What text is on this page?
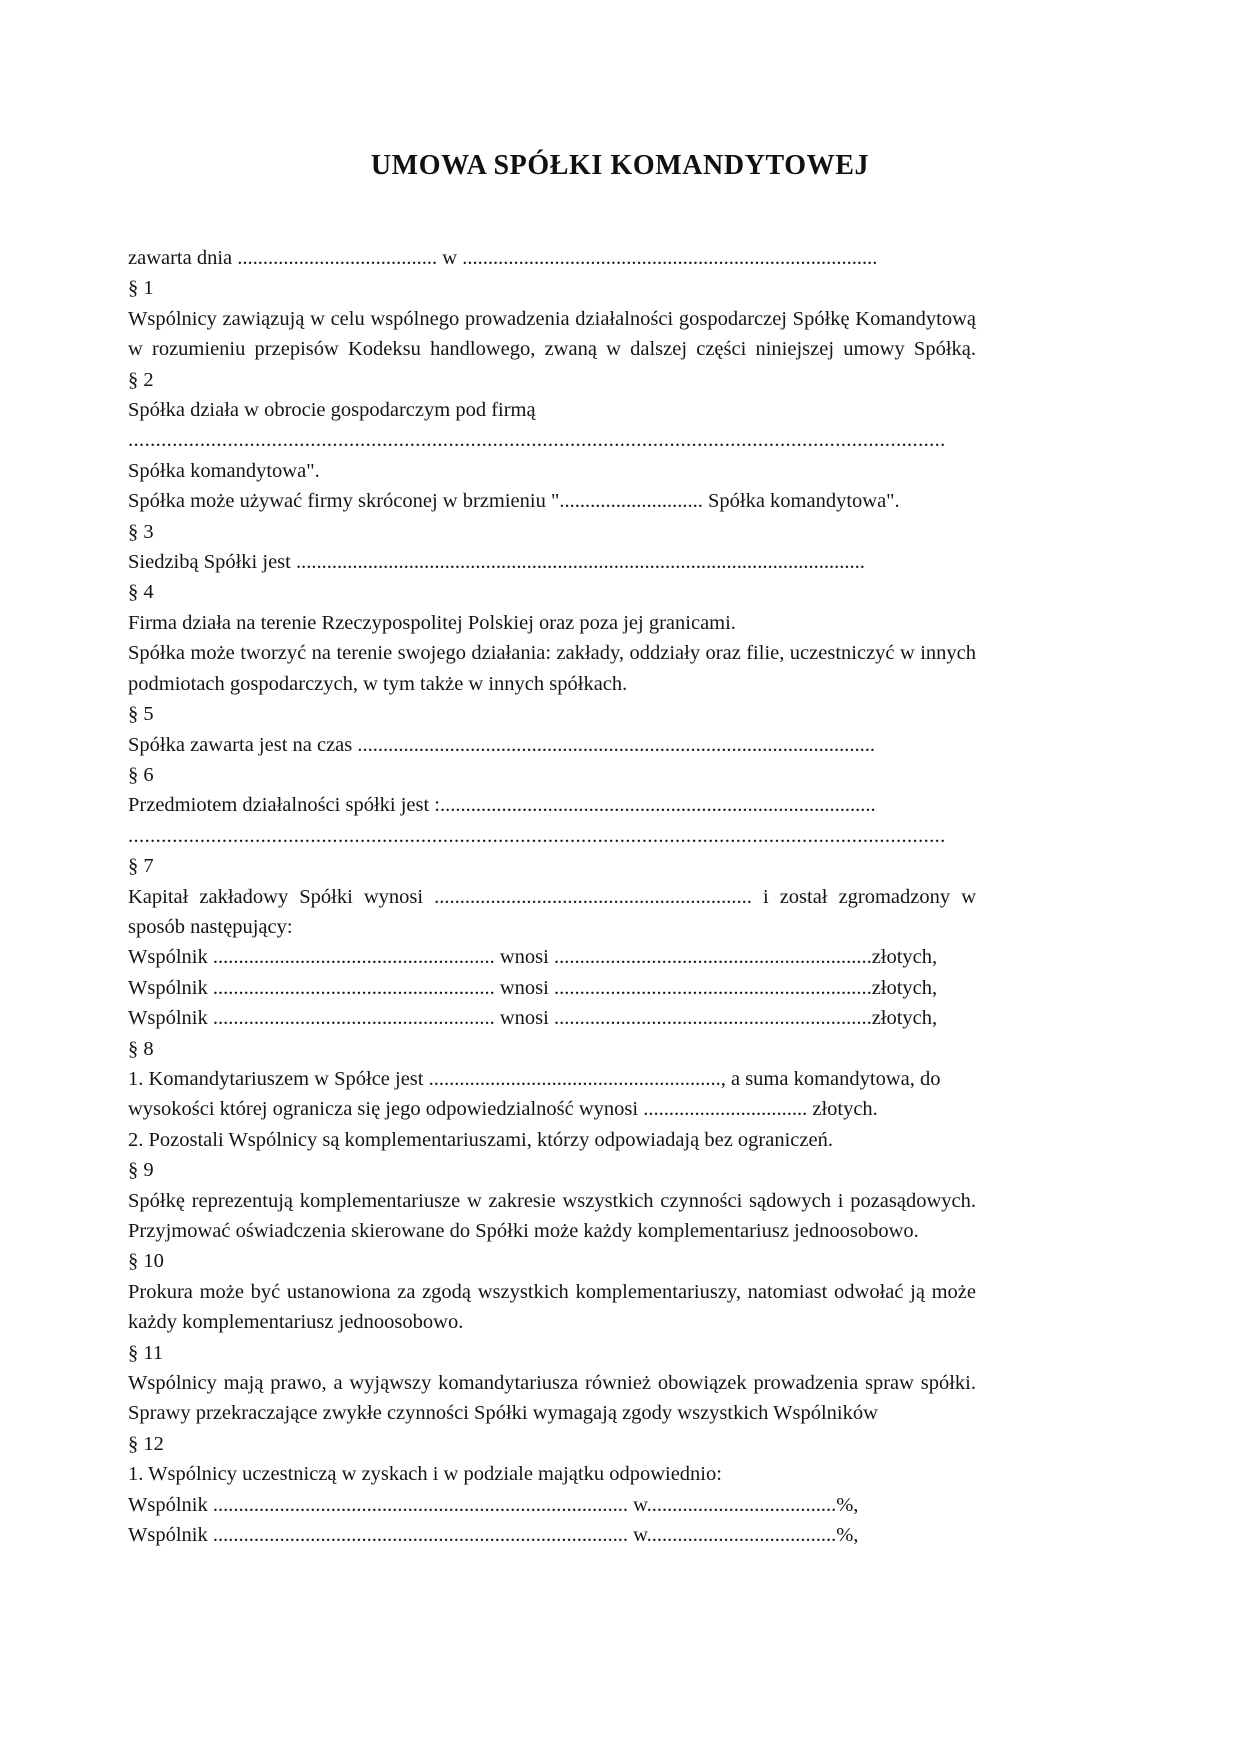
UMOWA SPÓŁKI KOMANDYTOWEJ
zawarta dnia ....................................... w .................................................................................
§ 1
Wspólnicy zawiązują w celu wspólnego prowadzenia działalności gospodarczej Spółkę Komandytową w rozumieniu przepisów Kodeksu handlowego, zwaną w dalszej części niniejszej umowy Spółką.
§ 2
Spółka działa w obrocie gospodarczym pod firmą
....................................................................................................................................................
Spółka komandytowa".
Spółka może używać firmy skróconej w brzmieniu "............................ Spółka komandytowa".
§ 3
Siedzibą Spółki jest ...............................................................................................................
§ 4
Firma działa na terenie Rzeczypospolitej Polskiej oraz poza jej granicami.
Spółka może tworzyć na terenie swojego działania: zakłady, oddziały oraz filie, uczestniczyć w innych podmiotach gospodarczych, w tym także w innych spółkach.
§ 5
Spółka zawarta jest na czas .....................................................................................................
§ 6
Przedmiotem działalności spółki jest :.....................................................................................
....................................................................................................................................................
§ 7
Kapitał zakładowy Spółki wynosi .............................................................. i został zgromadzony w sposób następujący:
Wspólnik ....................................................... wnosi ..............................................................złotych,
Wspólnik ....................................................... wnosi ..............................................................złotych,
Wspólnik ....................................................... wnosi ..............................................................złotych,
§ 8
1. Komandytariuszem w Spółce jest ........................................................., a suma komandytowa, do wysokości której ogranicza się jego odpowiedzialność wynosi ................................ złotych.
2. Pozostali Wspólnicy są komplementariuszami, którzy odpowiadają bez ograniczeń.
§ 9
Spółkę reprezentują komplementariusze w zakresie wszystkich czynności sądowych i pozasądowych. Przyjmować oświadczenia skierowane do Spółki może każdy komplementariusz jednoosobowo.
§ 10
Prokura może być ustanowiona za zgodą wszystkich komplementariuszy, natomiast odwołać ją może każdy komplementariusz jednoosobowo.
§ 11
Wspólnicy mają prawo, a wyjąwszy komandytariusza również obowiązek prowadzenia spraw spółki.    Sprawy przekraczające zwykłe czynności Spółki wymagają zgody wszystkich Wspólników
§ 12
1. Wspólnicy uczestniczą w zyskach i w podziale majątku odpowiednio:
Wspólnik ................................................................................. w.....................................%,
Wspólnik ................................................................................. w.....................................%,
